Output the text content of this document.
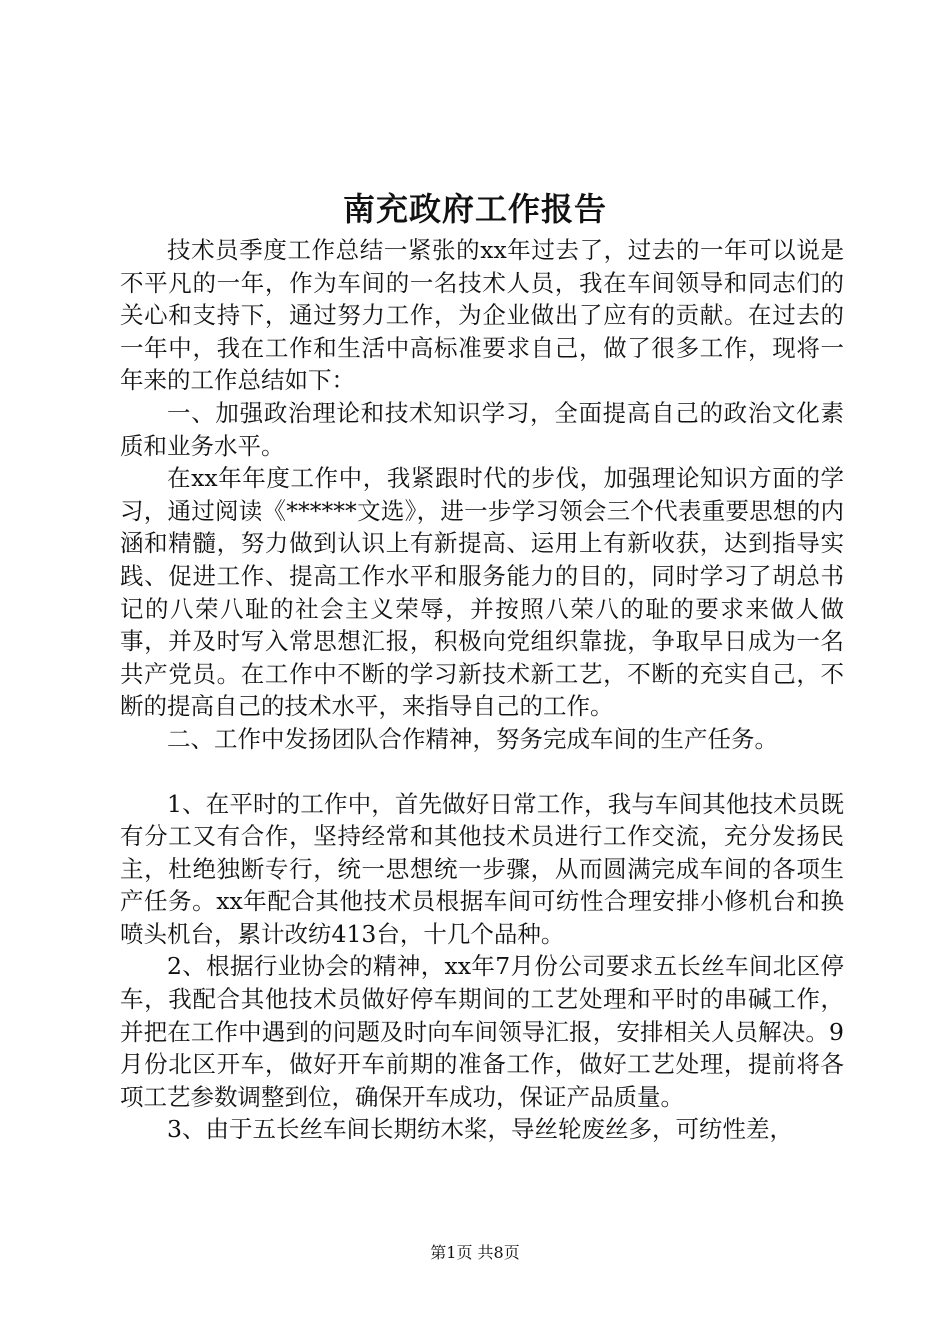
南充政府工作报告

技术员季度工作总结一紧张的xx年过去了，过去的一年可以说是不平凡的一年，作为车间的一名技术人员，我在车间领导和同志们的关心和支持下，通过努力工作，为企业做出了应有的贡献。在过去的一年中，我在工作和生活中高标准要求自己，做了很多工作，现将一年来的工作总结如下：

一、加强政治理论和技术知识学习，全面提高自己的政治文化素质和业务水平。

在xx年年度工作中，我紧跟时代的步伐，加强理论知识方面的学习，通过阅读《******文选》，进一步学习领会三个代表重要思想的内涵和精髓，努力做到认识上有新提高、运用上有新收获，达到指导实践、促进工作、提高工作水平和服务能力的目的，同时学习了胡总书记的八荣八耻的社会主义荣辱，并按照八荣八的耻的要求来做人做事，并及时写入常思想汇报，积极向党组织靠拢，争取早日成为一名共产党员。在工作中不断的学习新技术新工艺，不断的充实自己，不断的提高自己的技术水平，来指导自己的工作。

二、工作中发扬团队合作精神，努务完成车间的生产任务。

1、在平时的工作中，首先做好日常工作，我与车间其他技术员既有分工又有合作，坚持经常和其他技术员进行工作交流，充分发扬民主，杜绝独断专行，统一思想统一步骤，从而圆满完成车间的各项生产任务。xx年配合其他技术员根据车间可纺性合理安排小修机台和换喷头机台，累计改纺413台，十几个品种。

2、根据行业协会的精神，xx年7月份公司要求五长丝车间北区停车，我配合其他技术员做好停车期间的工艺处理和平时的串碱工作，并把在工作中遇到的问题及时向车间领导汇报，安排相关人员解决。9月份北区开车，做好开车前期的准备工作，做好工艺处理，提前将各项工艺参数调整到位，确保开车成功，保证产品质量。

3、由于五长丝车间长期纺木桨，导丝轮废丝多，可纺性差，

第1页 共8页
